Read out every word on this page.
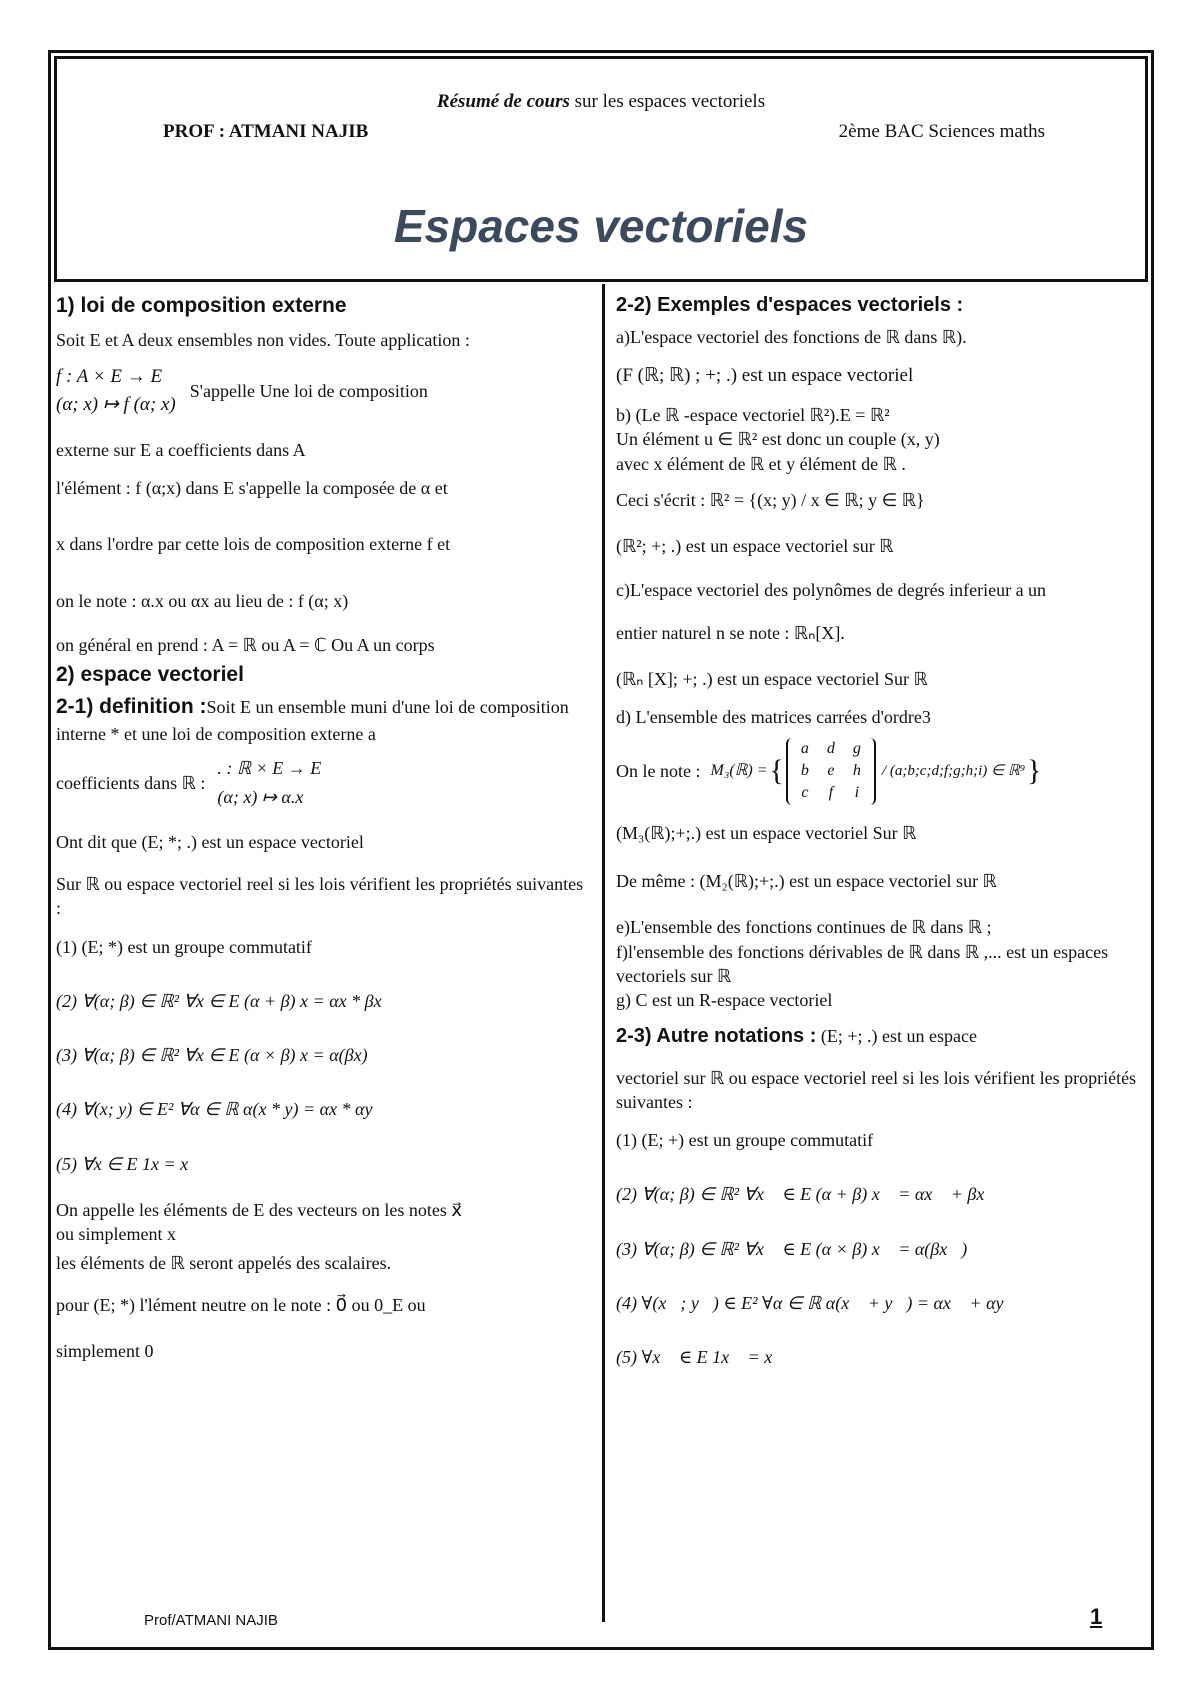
Résumé de cours sur les espaces vectoriels
PROF : ATMANI NAJIB	2ème BAC Sciences maths
Espaces vectoriels

1) loi de composition externe

Soit E et A deux ensembles non vides. Toute application :

f : A × E → E
(α; x) ↦ f (α; x)
S'appelle Une loi de composition

externe sur E a coefficients dans A

l'élément : f (α;x) dans E s'appelle la composée de α et

x dans l'ordre par cette lois de composition externe f et

on le note : α.x ou αx au lieu de : f (α; x)

on général en prend : A = ℝ ou A = ℂ Ou A un corps

2) espace vectoriel

2-1) definition :Soit E un ensemble muni d'une loi de composition interne * et une loi de composition externe a

coefficients dans ℝ :
. : ℝ × E → E
(α; x) ↦ α.x

Ont dit que (E; *; .) est un espace vectoriel

Sur ℝ ou espace vectoriel reel si les lois vérifient les propriétés suivantes :

(1) (E; *) est un groupe commutatif

(2) ∀(α; β) ∈ ℝ² ∀x ∈ E (α + β) x = αx * βx

(3) ∀(α; β) ∈ ℝ² ∀x ∈ E (α × β) x = α(βx)

(4) ∀(x; y) ∈ E² ∀α ∈ ℝ α(x * y) = αx * αy

(5) ∀x ∈ E 1x = x

On appelle les éléments de E des vecteurs on les notes x⃗

ou simplement x

les éléments de ℝ seront appelés des scalaires.

pour (E; *) l'lément neutre on le note : 0⃗ ou 0_E ou

simplement 0

2-2) Exemples d'espaces vectoriels :

a)L'espace vectoriel des fonctions de ℝ dans ℝ).

(F (ℝ; ℝ) ; +; .) est un espace vectoriel

b) (Le ℝ -espace vectoriel ℝ²).E = ℝ²

Un élément u ∈ ℝ² est donc un couple (x, y)

avec x élément de ℝ et y élément de ℝ .

Ceci s'écrit : ℝ² = {(x; y) / x ∈ ℝ; y ∈ ℝ}

(ℝ²; +; .) est un espace vectoriel sur ℝ

c)L'espace vectoriel des polynômes de degrés inferieur a un

entier naturel n se note : ℝₙ[X].

(ℝₙ [X]; +; .) est un espace vectoriel Sur ℝ

d) L'ensemble des matrices carrées d'ordre3

On le note : M₃(ℝ) = {
a d g
b e h
c f i
/ (a;b;c;d;f;g;h;i) ∈ ℝ⁹ }

(M₃(ℝ);+;.) est un espace vectoriel Sur ℝ

De même : (M₂(ℝ);+;.) est un espace vectoriel sur ℝ

e)L'ensemble des fonctions continues de ℝ dans ℝ ;

f)l'ensemble des fonctions dérivables de ℝ dans ℝ ,... est un espaces vectoriels sur ℝ

g) C est un R-espace vectoriel

2-3) Autre notations : (E; +; .) est un espace

vectoriel sur ℝ ou espace vectoriel reel si les lois vérifient les propriétés suivantes :

(1) (E; +) est un groupe commutatif

(2) ∀(α; β) ∈ ℝ² ∀x⃗ ∈ E (α + β) x⃗ = αx⃗ + βx⃗

(3) ∀(α; β) ∈ ℝ² ∀x⃗ ∈ E (α × β) x⃗ = α(βx⃗)

(4) ∀(x⃗; y⃗) ∈ E² ∀α ∈ ℝ α(x⃗ + y⃗) = αx⃗ + αy⃗

(5) ∀x⃗ ∈ E 1x⃗ = x⃗

Prof/ATMANI NAJIB	1
